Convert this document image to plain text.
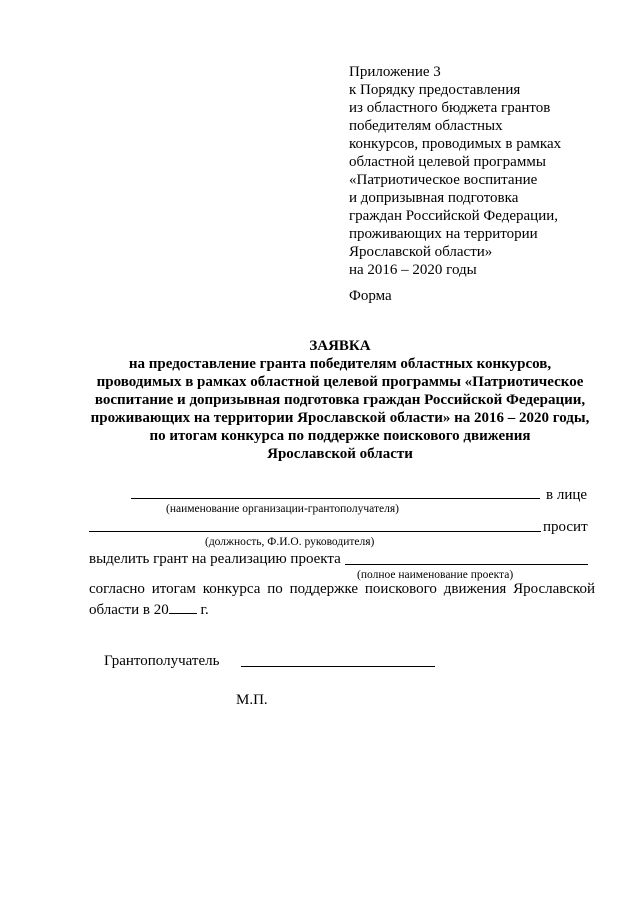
Приложение 3
к Порядку предоставления
из областного бюджета грантов
победителям областных
конкурсов, проводимых в рамках
областной целевой программы
«Патриотическое воспитание
и допризывная подготовка
граждан Российской Федерации,
проживающих на территории
Ярославской области»
на 2016 – 2020 годы
Форма
ЗАЯВКА
на предоставление гранта победителям областных конкурсов,
проводимых в рамках областной целевой программы «Патриотическое
воспитание и допризывная подготовка граждан Российской Федерации,
проживающих на территории Ярославской области» на 2016 – 2020 годы,
по итогам конкурса по поддержке поискового движения
Ярославской области
в лице
(наименование организации-грантополучателя)
просит
(должность, Ф.И.О. руководителя)
выделить грант на реализацию проекта
(полное наименование проекта)
согласно итогам конкурса по поддержке поискового движения Ярославской области в 20 г.
Грантополучатель
М.П.
